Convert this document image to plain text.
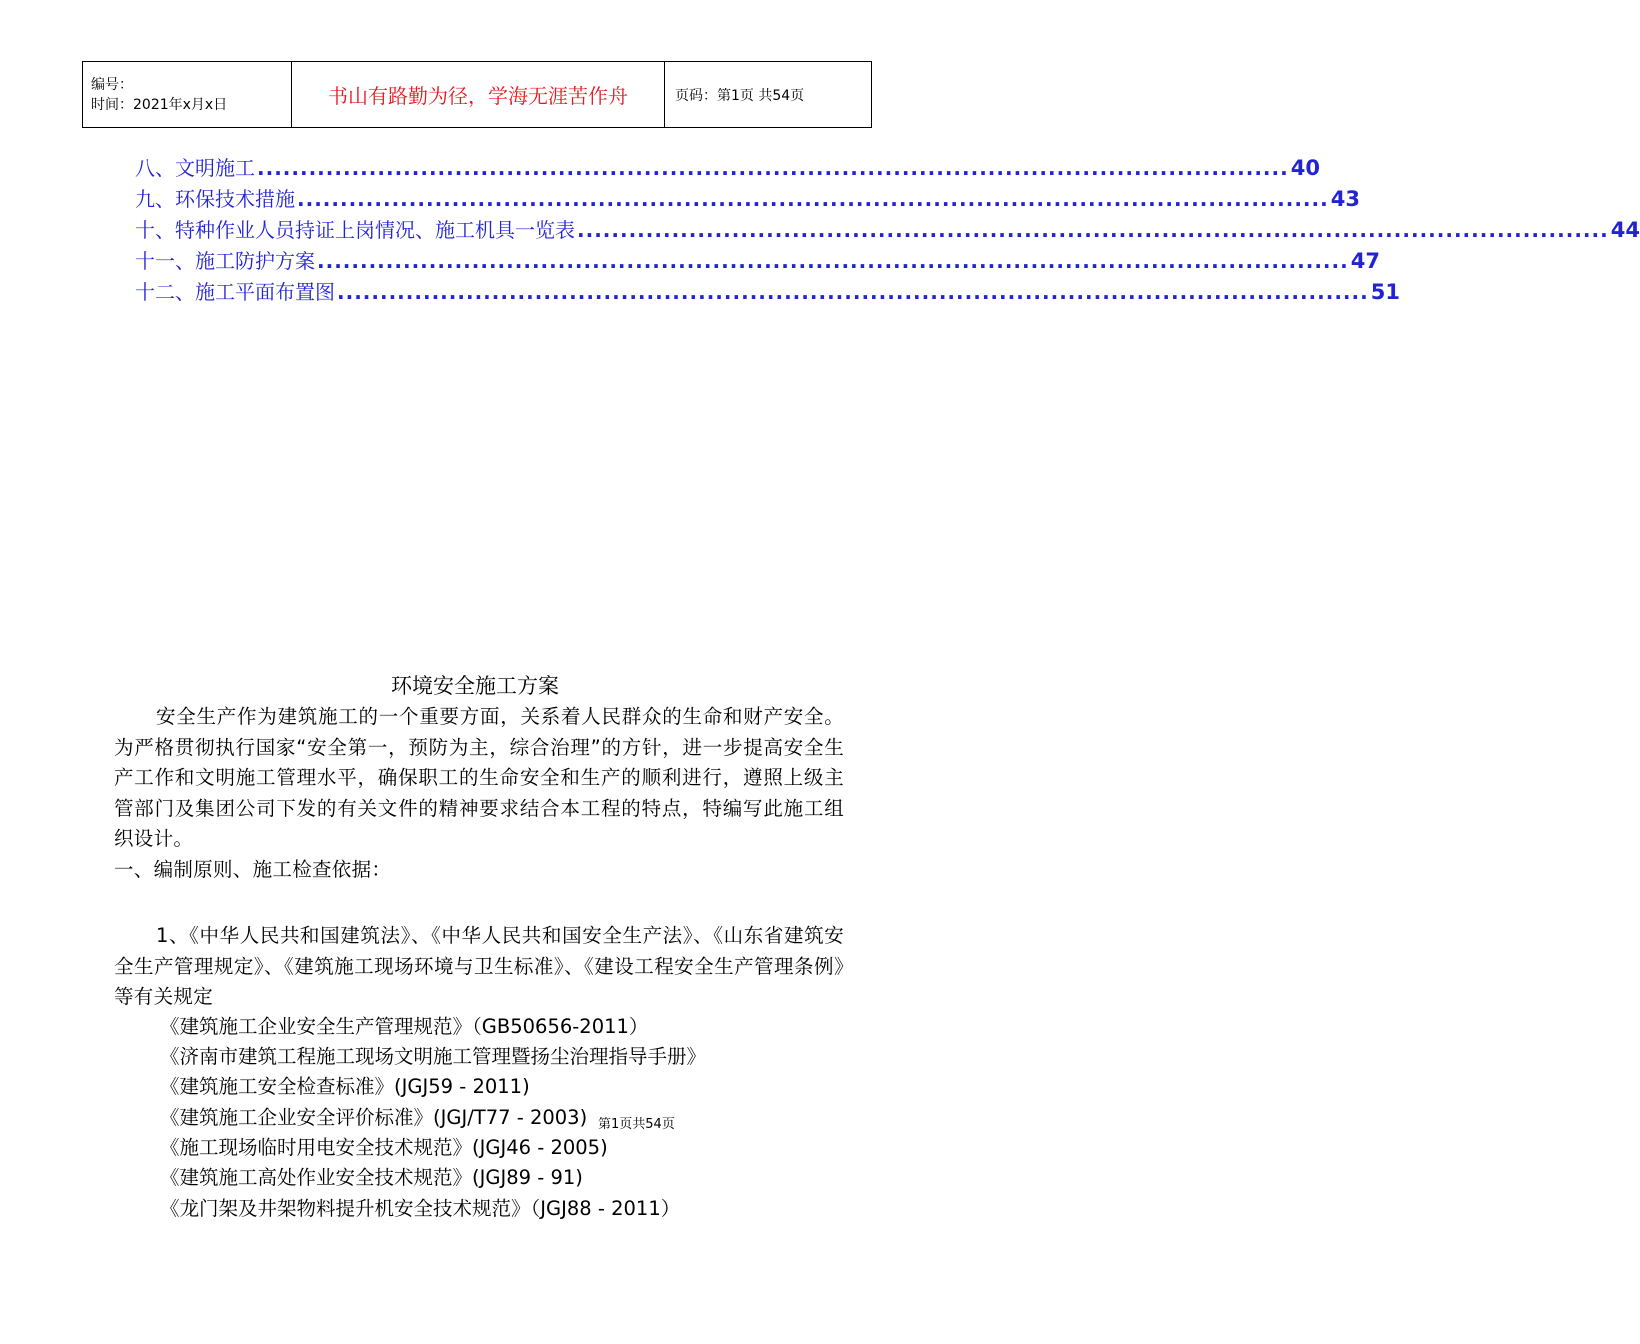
编号：
时间：2021年x月x日	书山有路勤为径，学海无涯苦作舟	页码：第1页 共54页
八、文明施工 ........................................................................................................................ 40
九、环保技术措施 ........................................................................................................................ 43
十、特种作业人员持证上岗情况、施工机具一览表 ........................................................................................................................ 44
十一、施工防护方案 ........................................................................................................................ 47
十二、施工平面布置图 ........................................................................................................................ 51
环境安全施工方案

安全生产作为建筑施工的一个重要方面，关系着人民群众的生命和财产安全。为严格贯彻执行国家“安全第一，预防为主，综合治理”的方针，进一步提高安全生产工作和文明施工管理水平，确保职工的生命安全和生产的顺利进行，遵照上级主管部门及集团公司下发的有关文件的精神要求结合本工程的特点，特编写此施工组织设计。

一、编制原则、施工检查依据：

1、《中华人民共和国建筑法》、《中华人民共和国安全生产法》、《山东省建筑安全生产管理规定》、《建筑施工现场环境与卫生标准》、《建设工程安全生产管理条例》等有关规定

《建筑施工企业安全生产管理规范》（GB50656-2011）
《济南市建筑工程施工现场文明施工管理暨扬尘治理指导手册》
《建筑施工安全检查标准》(JGJ59 - 2011)
《建筑施工企业安全评价标准》(JGJ/T77 - 2003)
《施工现场临时用电安全技术规范》(JGJ46 - 2005)
《建筑施工高处作业安全技术规范》(JGJ89 - 91)
《龙门架及井架物料提升机安全技术规范》（JGJ88 - 2011）
第1页共54页
